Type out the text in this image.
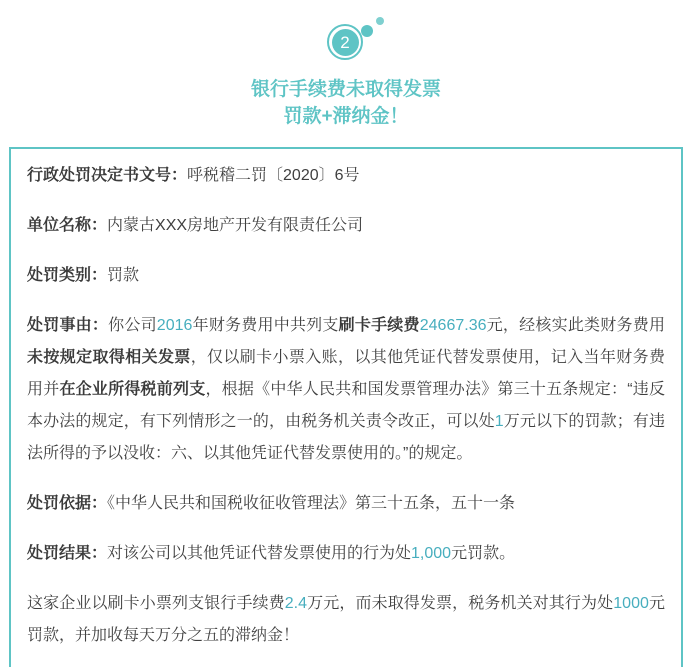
2
银行手续费未取得发票
罚款+滞纳金！

行政处罚决定书文号：呼税稽二罚〔2020〕6号

单位名称：内蒙古XXX房地产开发有限责任公司

处罚类别：罚款

处罚事由：你公司2016年财务费用中共列支刷卡手续费24667.36元，经核实此类财务费用未按规定取得相关发票，仅以刷卡小票入账，以其他凭证代替发票使用，记入当年财务费用并在企业所得税前列支，根据《中华人民共和国发票管理办法》第三十五条规定：“违反本办法的规定，有下列情形之一的，由税务机关责令改正，可以处1万元以下的罚款；有违法所得的予以没收：六、以其他凭证代替发票使用的。”的规定。

处罚依据：《中华人民共和国税收征收管理法》第三十五条，五十一条

处罚结果：对该公司以其他凭证代替发票使用的行为处1,000元罚款。

这家企业以刷卡小票列支银行手续费2.4万元，而未取得发票，税务机关对其行为处1000元罚款，并加收每天万分之五的滞纳金！
